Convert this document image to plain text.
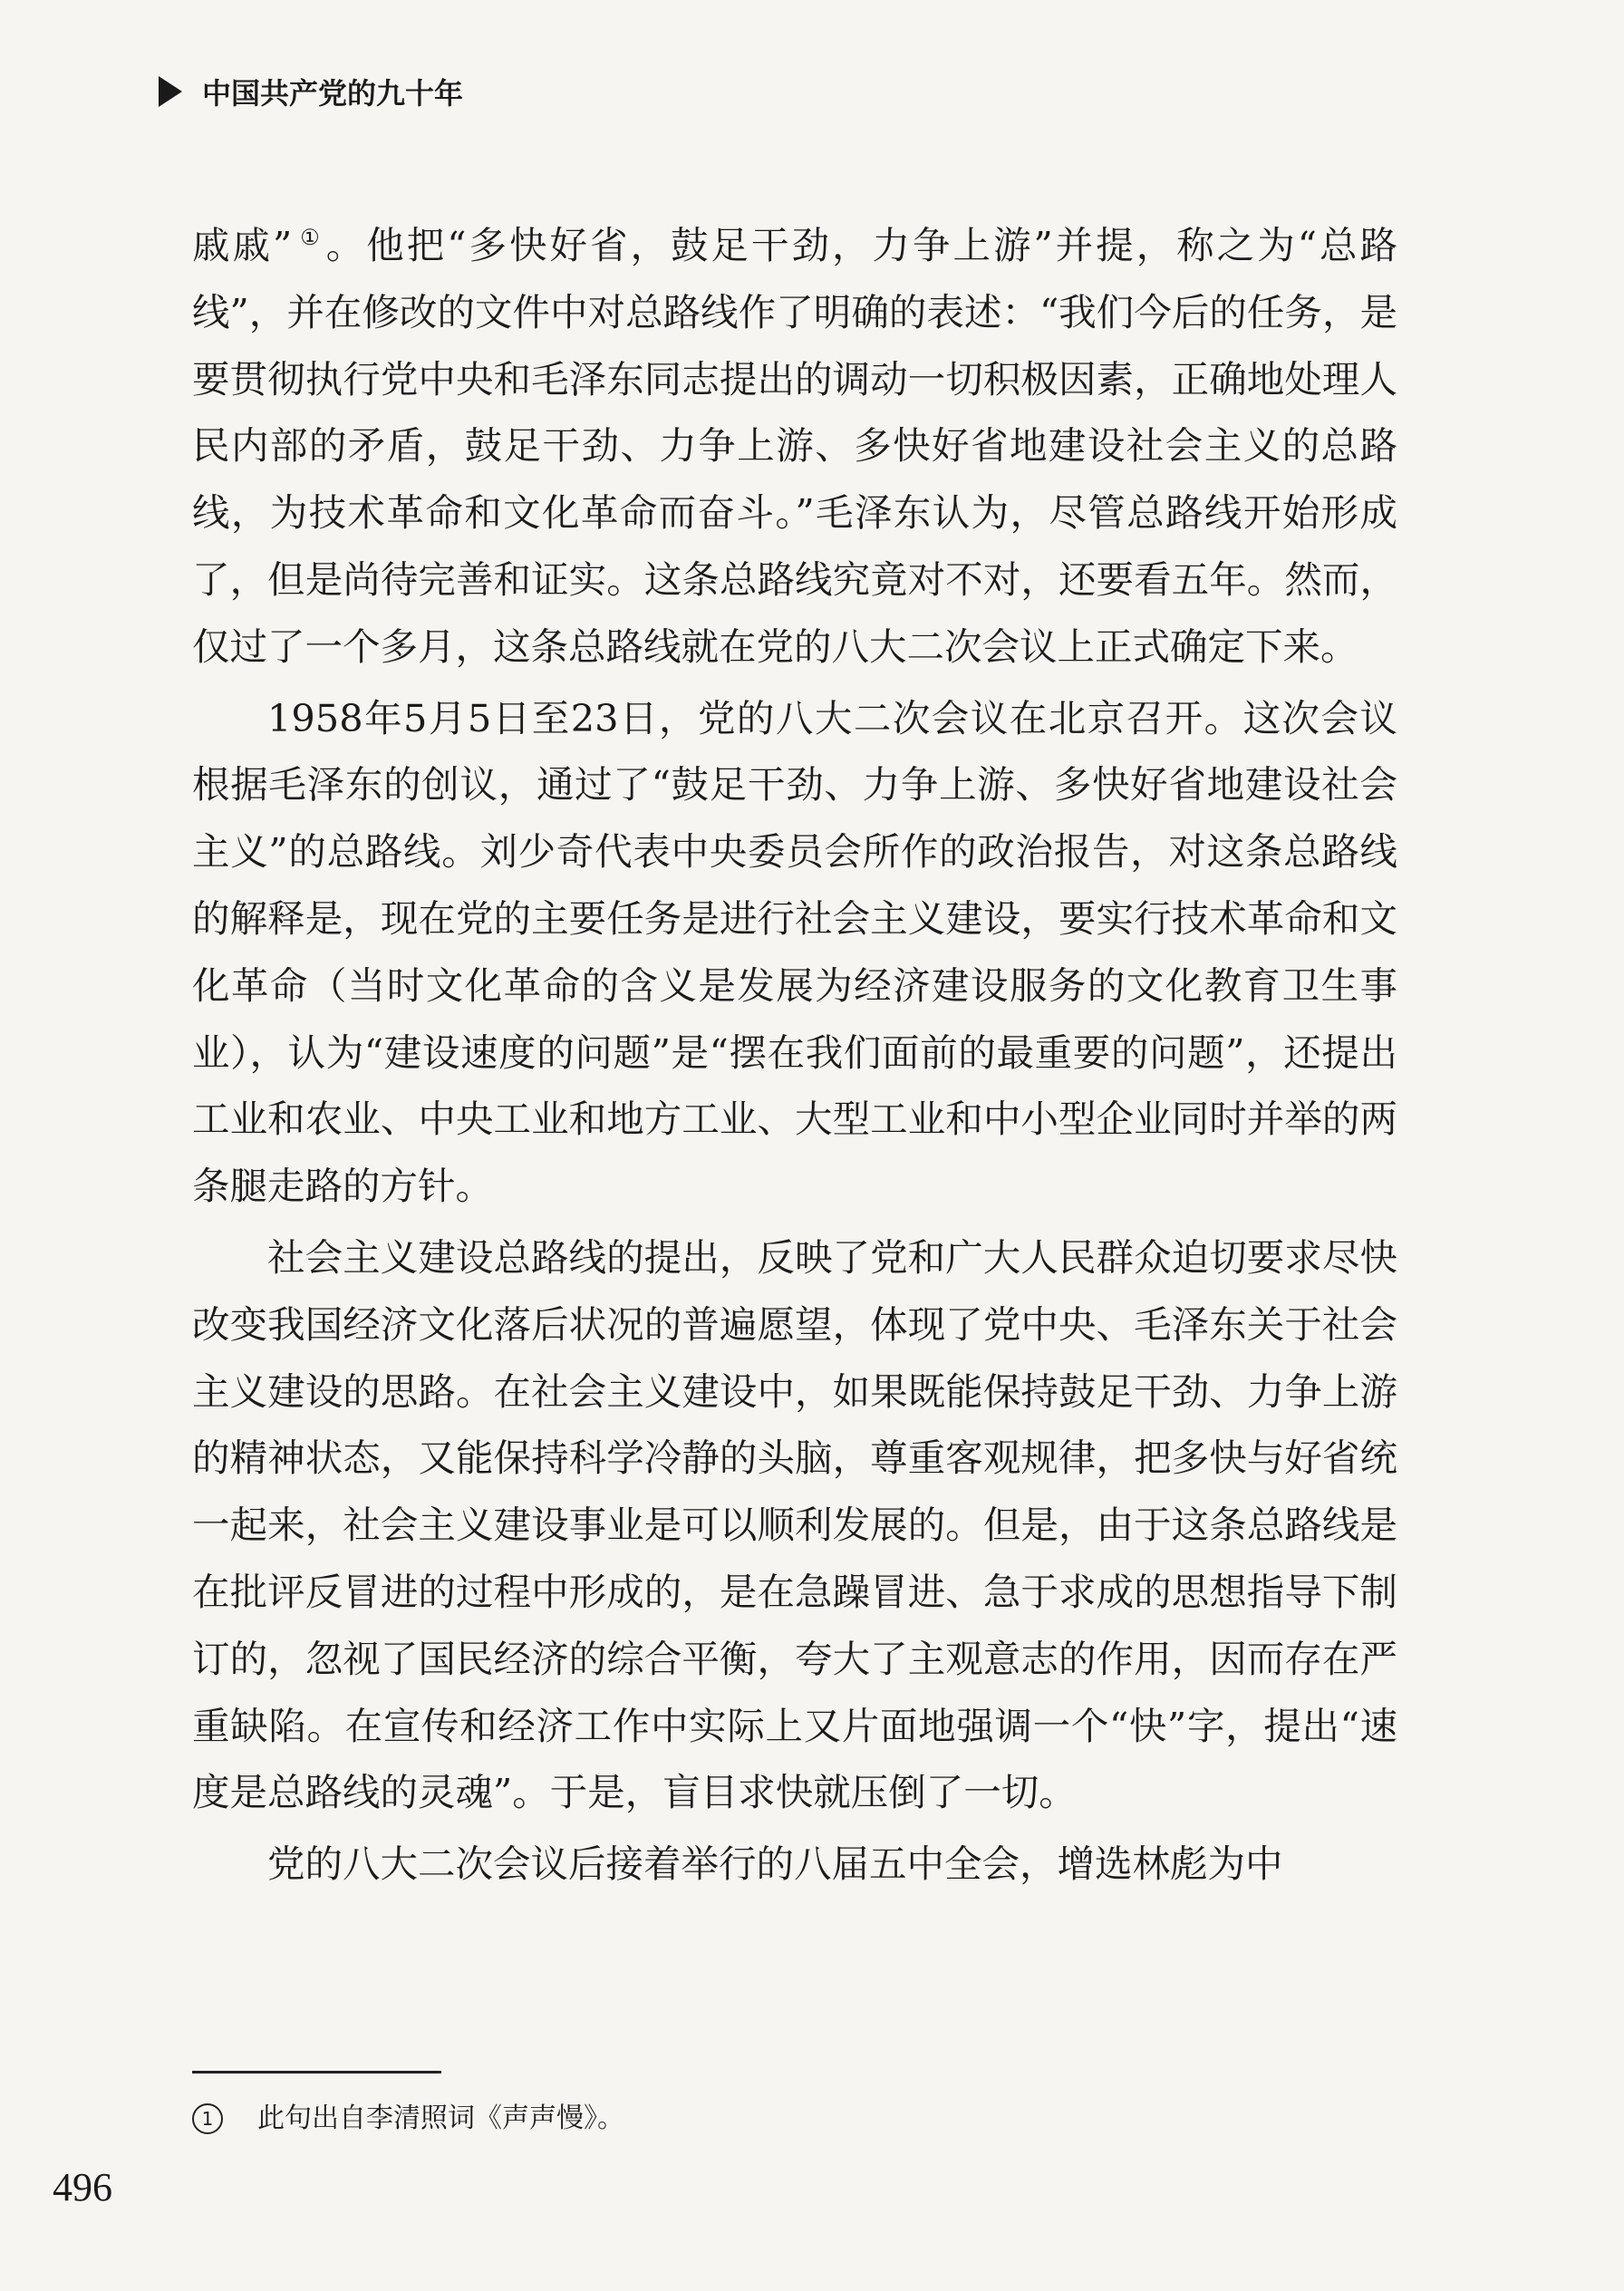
中国共产党的九十年

戚戚” ①。他把“多快好省，鼓足干劲，力争上游”并提，称之为“总路线”，并在修改的文件中对总路线作了明确的表述：“我们今后的任务，是要贯彻执行党中央和毛泽东同志提出的调动一切积极因素，正确地处理人民内部的矛盾，鼓足干劲、力争上游、多快好省地建设社会主义的总路线，为技术革命和文化革命而奋斗。”毛泽东认为，尽管总路线开始形成了，但是尚待完善和证实。这条总路线究竟对不对，还要看五年。然而，仅过了一个多月，这条总路线就在党的八大二次会议上正式确定下来。

1958年5月5日至23日，党的八大二次会议在北京召开。这次会议根据毛泽东的创议，通过了“鼓足干劲、力争上游、多快好省地建设社会主义”的总路线。刘少奇代表中央委员会所作的政治报告，对这条总路线的解释是，现在党的主要任务是进行社会主义建设，要实行技术革命和文化革命（当时文化革命的含义是发展为经济建设服务的文化教育卫生事业），认为“建设速度的问题”是“摆在我们面前的最重要的问题”，还提出工业和农业、中央工业和地方工业、大型工业和中小型企业同时并举的两条腿走路的方针。

社会主义建设总路线的提出，反映了党和广大人民群众迫切要求尽快改变我国经济文化落后状况的普遍愿望，体现了党中央、毛泽东关于社会主义建设的思路。在社会主义建设中，如果既能保持鼓足干劲、力争上游的精神状态，又能保持科学冷静的头脑，尊重客观规律，把多快与好省统一起来，社会主义建设事业是可以顺利发展的。但是，由于这条总路线是在批评反冒进的过程中形成的，是在急躁冒进、急于求成的思想指导下制订的，忽视了国民经济的综合平衡，夸大了主观意志的作用，因而存在严重缺陷。在宣传和经济工作中实际上又片面地强调一个“快”字，提出“速度是总路线的灵魂”。于是，盲目求快就压倒了一切。

党的八大二次会议后接着举行的八届五中全会，增选林彪为中

1	此句出自李清照词《声声慢》。
496
